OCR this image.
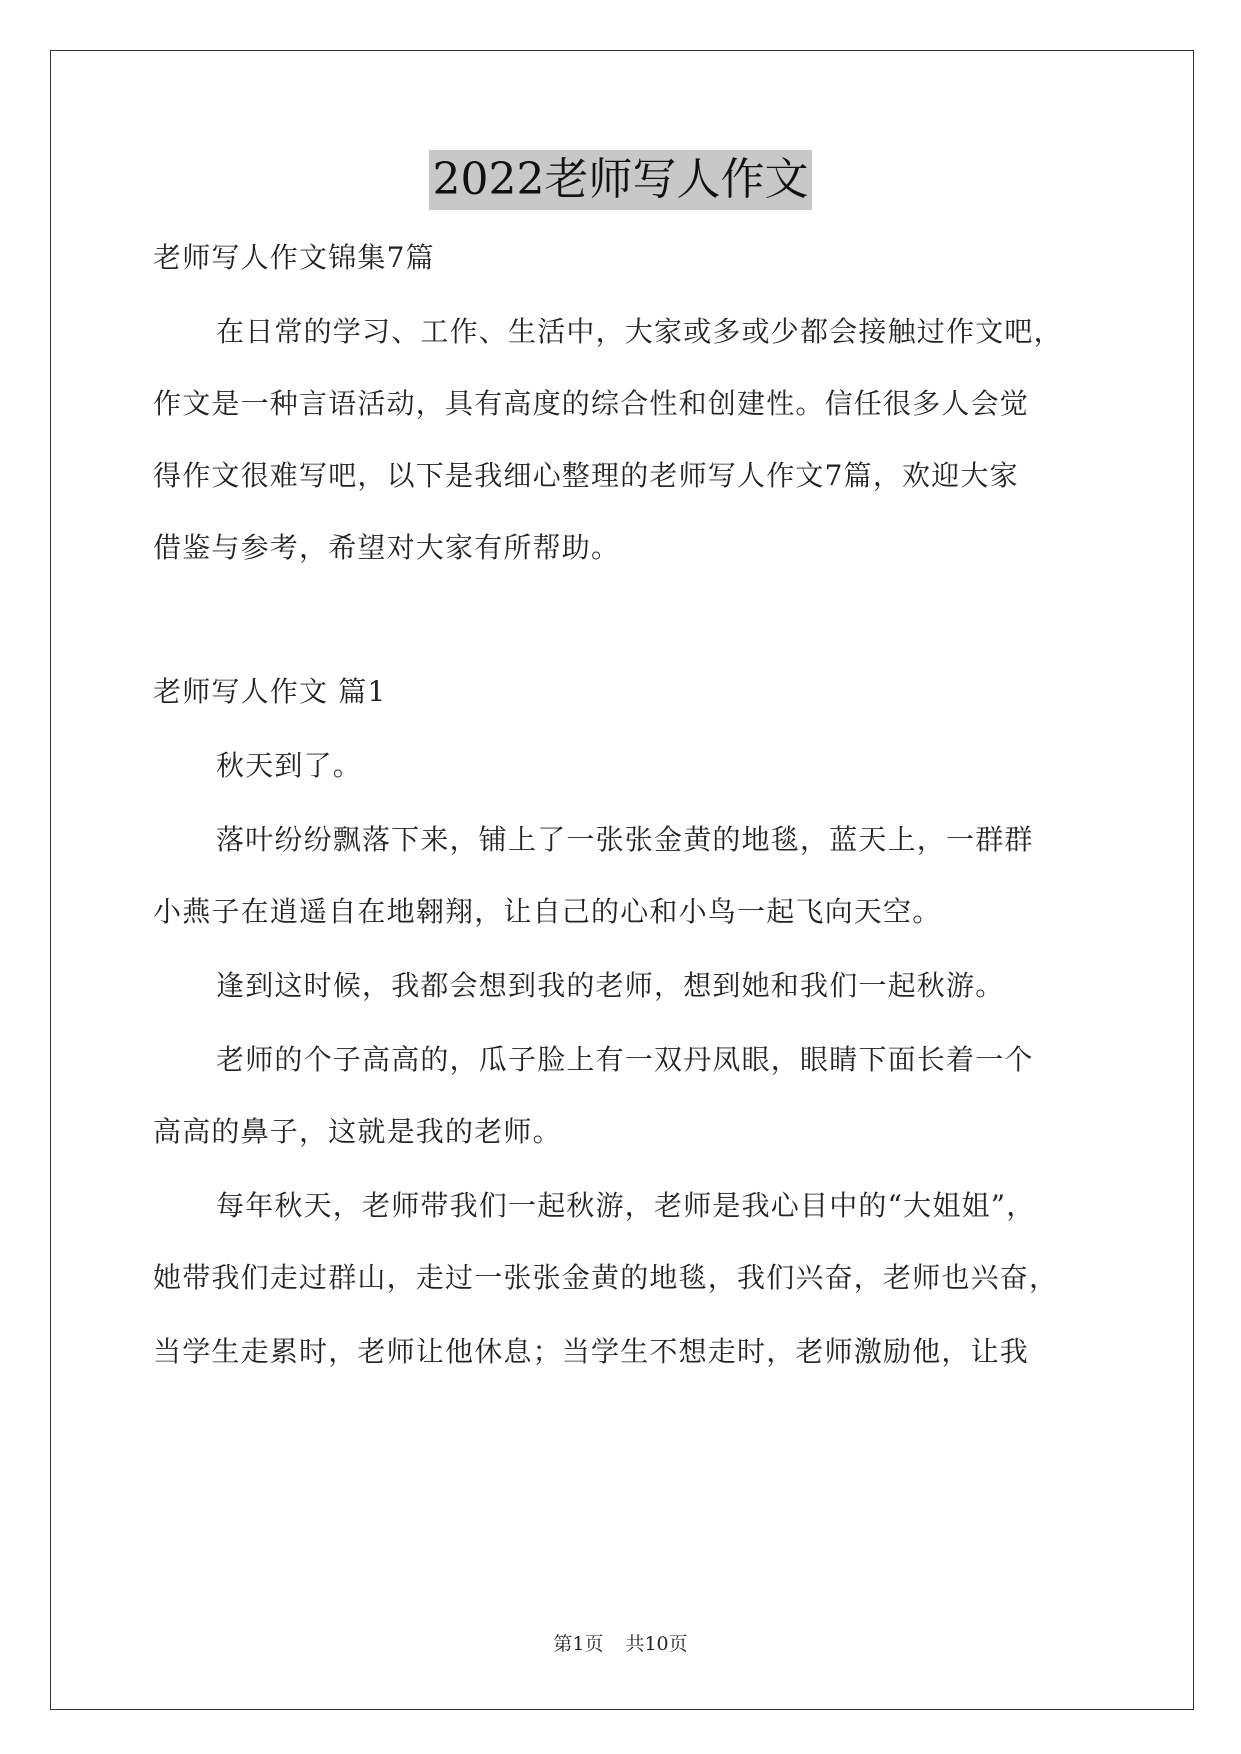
2022老师写人作文
老师写人作文锦集7篇
在日常的学习、工作、生活中，大家或多或少都会接触过作文吧，
作文是一种言语活动，具有高度的综合性和创建性。信任很多人会觉
得作文很难写吧，以下是我细心整理的老师写人作文7篇，欢迎大家
借鉴与参考，希望对大家有所帮助。
老师写人作文 篇1
秋天到了。
落叶纷纷飘落下来，铺上了一张张金黄的地毯，蓝天上，一群群
小燕子在逍遥自在地翱翔，让自己的心和小鸟一起飞向天空。
逢到这时候，我都会想到我的老师，想到她和我们一起秋游。
老师的个子高高的，瓜子脸上有一双丹凤眼，眼睛下面长着一个
高高的鼻子，这就是我的老师。
每年秋天，老师带我们一起秋游，老师是我心目中的“大姐姐”，
她带我们走过群山，走过一张张金黄的地毯，我们兴奋，老师也兴奋，
当学生走累时，老师让他休息；当学生不想走时，老师激励他，让我
第1页 共10页
